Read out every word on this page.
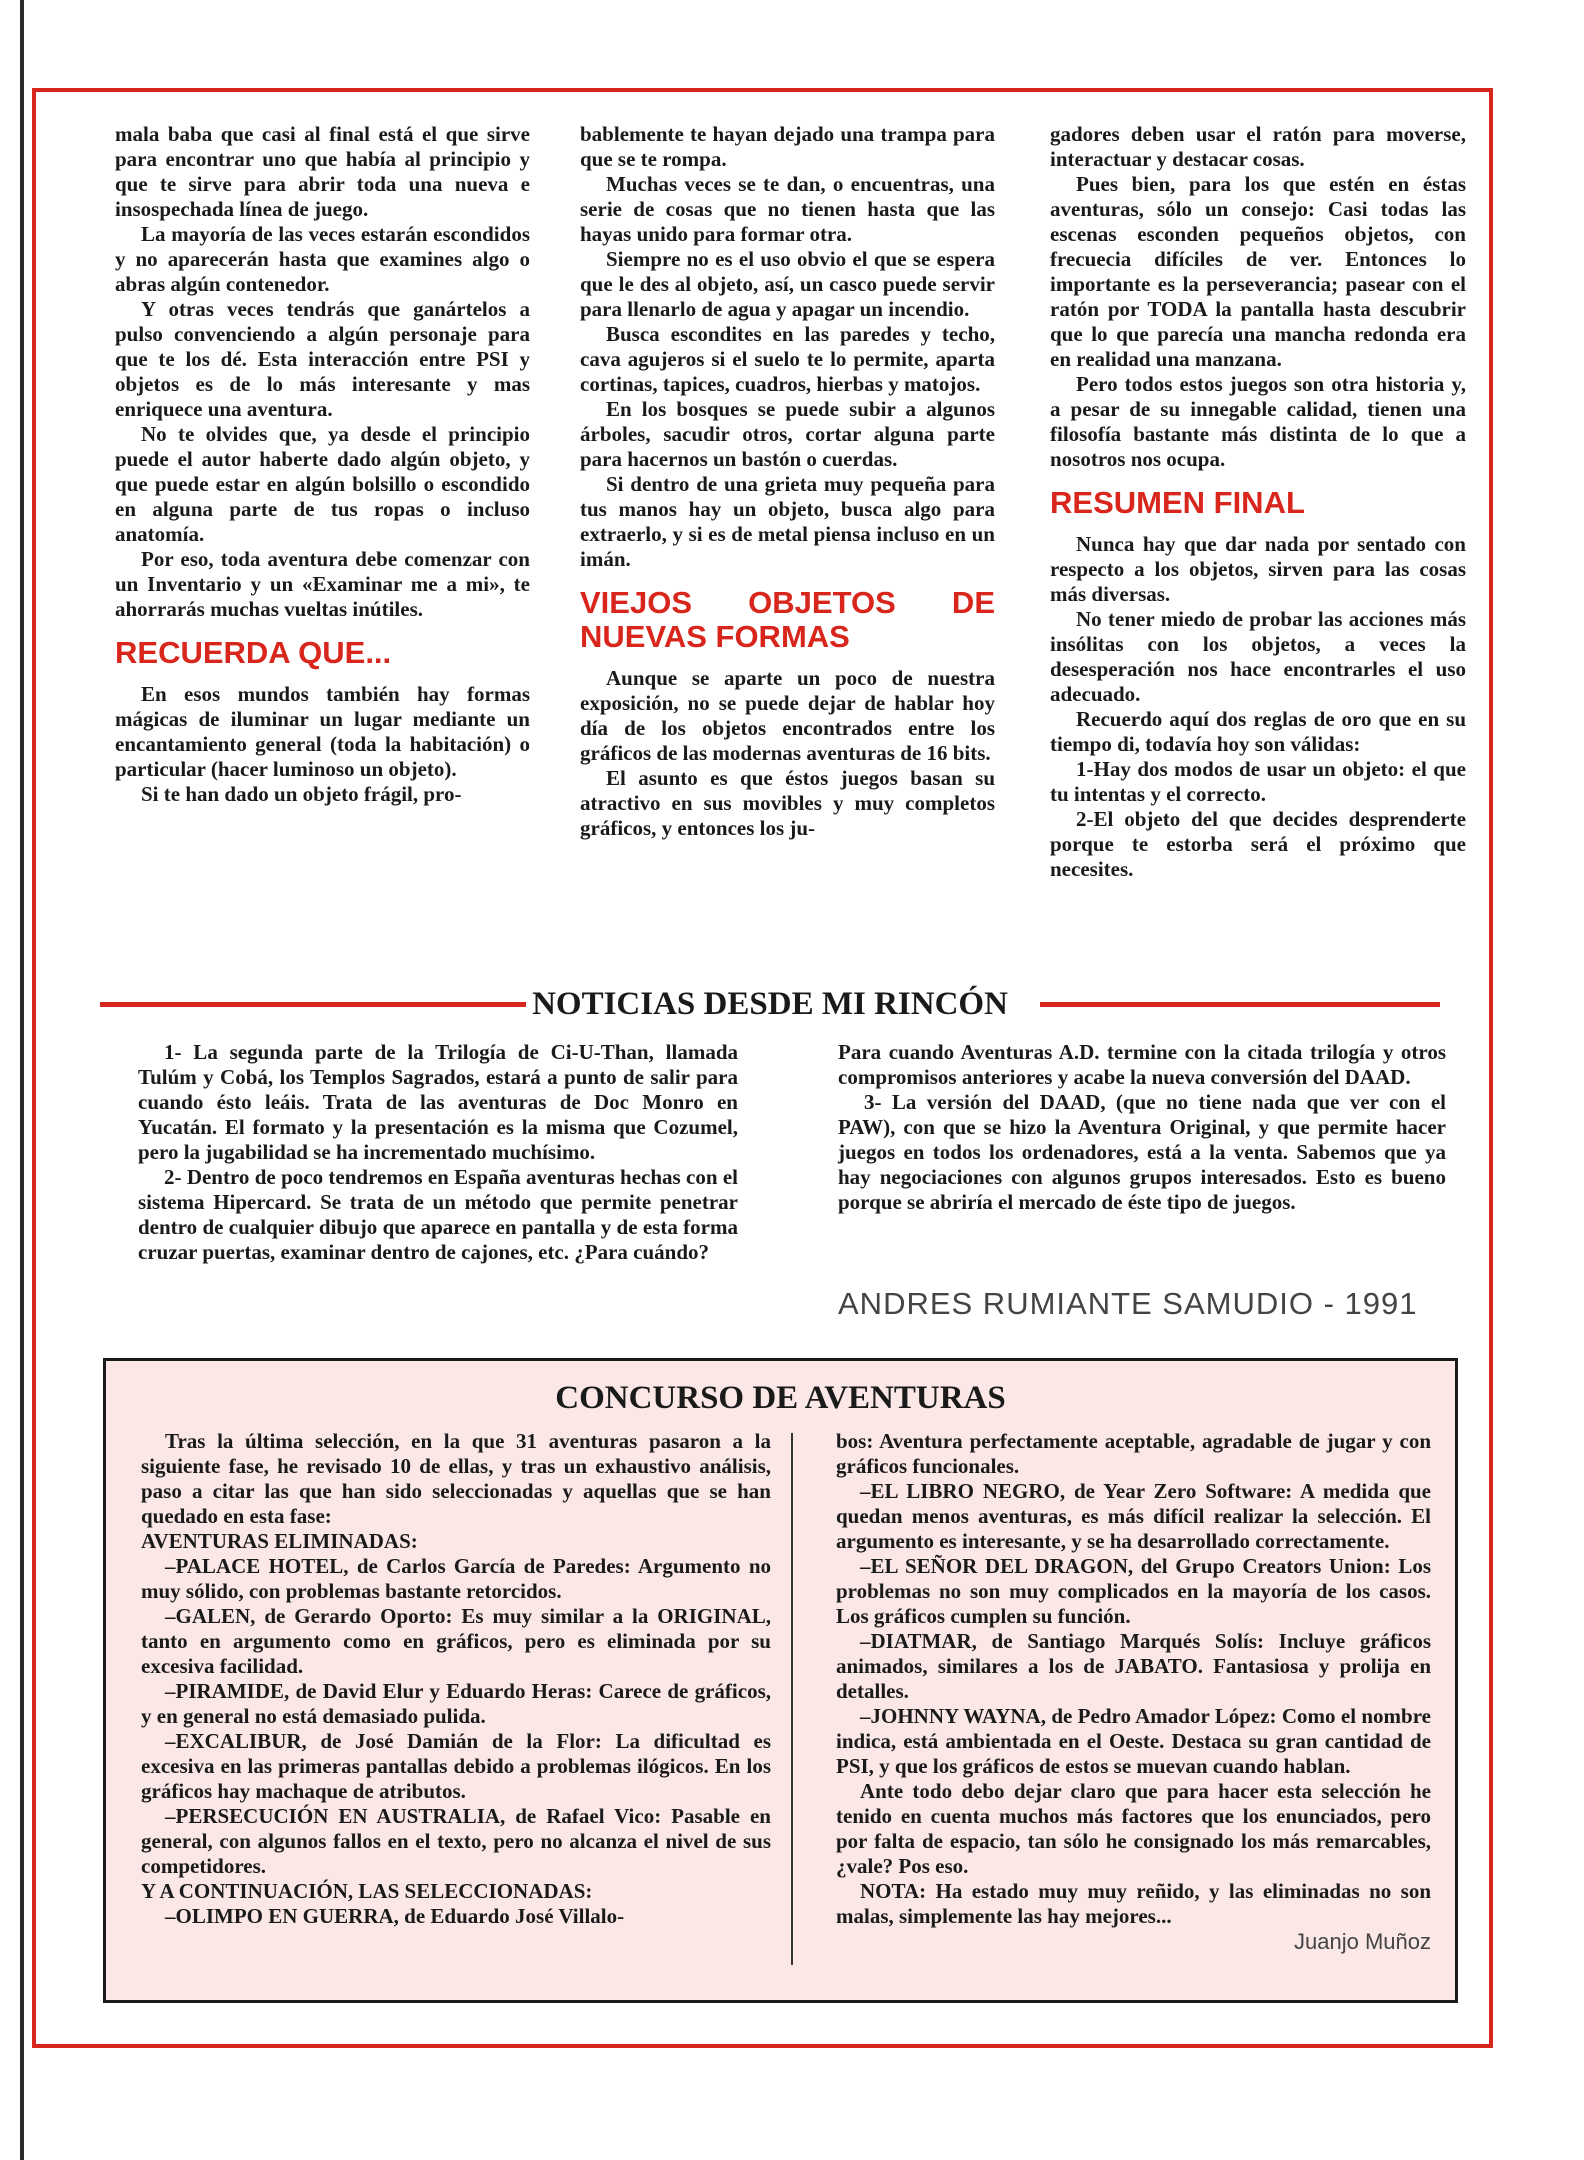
mala baba que casi al final está el que sirve para encontrar uno que había al principio y que te sirve para abrir toda una nueva e insospechada línea de juego.

La mayoría de las veces estarán escondidos y no aparecerán hasta que examines algo o abras algún contenedor.

Y otras veces tendrás que ganártelos a pulso convenciendo a algún personaje para que te los dé. Esta interacción entre PSI y objetos es de lo más interesante y mas enriquece una aventura.

No te olvides que, ya desde el principio puede el autor haberte dado algún objeto, y que puede estar en algún bolsillo o escondido en alguna parte de tus ropas o incluso anatomía.

Por eso, toda aventura debe comenzar con un Inventario y un «Examinar me a mi», te ahorrarás muchas vueltas inútiles.

RECUERDA QUE...

En esos mundos también hay formas mágicas de iluminar un lugar mediante un encantamiento general (toda la habitación) o particular (hacer luminoso un objeto).

Si te han dado un objeto frágil, pro-

bablemente te hayan dejado una trampa para que se te rompa.

Muchas veces se te dan, o encuentras, una serie de cosas que no tienen hasta que las hayas unido para formar otra.

Siempre no es el uso obvio el que se espera que le des al objeto, así, un casco puede servir para llenarlo de agua y apagar un incendio.

Busca escondites en las paredes y techo, cava agujeros si el suelo te lo permite, aparta cortinas, tapices, cuadros, hierbas y matojos.

En los bosques se puede subir a algunos árboles, sacudir otros, cortar alguna parte para hacernos un bastón o cuerdas.

Si dentro de una grieta muy pequeña para tus manos hay un objeto, busca algo para extraerlo, y si es de metal piensa incluso en un imán.

VIEJOS OBJETOS DE NUEVAS FORMAS

Aunque se aparte un poco de nuestra exposición, no se puede dejar de hablar hoy día de los objetos encontrados entre los gráficos de las modernas aventuras de 16 bits.

El asunto es que éstos juegos basan su atractivo en sus movibles y muy completos gráficos, y entonces los ju-

gadores deben usar el ratón para moverse, interactuar y destacar cosas.

Pues bien, para los que estén en éstas aventuras, sólo un consejo: Casi todas las escenas esconden pequeños objetos, con frecuecia difíciles de ver. Entonces lo importante es la perseverancia; pasear con el ratón por TODA la pantalla hasta descubrir que lo que parecía una mancha redonda era en realidad una manzana.

Pero todos estos juegos son otra historia y, a pesar de su innegable calidad, tienen una filosofía bastante más distinta de lo que a nosotros nos ocupa.

RESUMEN FINAL

Nunca hay que dar nada por sentado con respecto a los objetos, sirven para las cosas más diversas.

No tener miedo de probar las acciones más insólitas con los objetos, a veces la desesperación nos hace encontrarles el uso adecuado.

Recuerdo aquí dos reglas de oro que en su tiempo di, todavía hoy son válidas:

1-Hay dos modos de usar un objeto: el que tu intentas y el correcto.

2-El objeto del que decides desprenderte porque te estorba será el próximo que necesites.

NOTICIAS DESDE MI RINCÓN

1- La segunda parte de la Trilogía de Ci-U-Than, llamada Tulúm y Cobá, los Templos Sagrados, estará a punto de salir para cuando ésto leáis. Trata de las aventuras de Doc Monro en Yucatán. El formato y la presentación es la misma que Cozumel, pero la jugabilidad se ha incrementado muchísimo.

2- Dentro de poco tendremos en España aventuras hechas con el sistema Hipercard. Se trata de un método que permite penetrar dentro de cualquier dibujo que aparece en pantalla y de esta forma cruzar puertas, examinar dentro de cajones, etc. ¿Para cuándo?

Para cuando Aventuras A.D. termine con la citada trilogía y otros compromisos anteriores y acabe la nueva conversión del DAAD.

3- La versión del DAAD, (que no tiene nada que ver con el PAW), con que se hizo la Aventura Original, y que permite hacer juegos en todos los ordenadores, está a la venta. Sabemos que ya hay negociaciones con algunos grupos interesados. Esto es bueno porque se abriría el mercado de éste tipo de juegos.

ANDRES RUMIANTE SAMUDIO - 1991
CONCURSO DE AVENTURAS

Tras la última selección, en la que 31 aventuras pasaron a la siguiente fase, he revisado 10 de ellas, y tras un exhaustivo análisis, paso a citar las que han sido seleccionadas y aquellas que se han quedado en esta fase:

AVENTURAS ELIMINADAS:

–PALACE HOTEL, de Carlos García de Paredes: Argumento no muy sólido, con problemas bastante retorcidos.

–GALEN, de Gerardo Oporto: Es muy similar a la ORIGINAL, tanto en argumento como en gráficos, pero es eliminada por su excesiva facilidad.

–PIRAMIDE, de David Elur y Eduardo Heras: Carece de gráficos, y en general no está demasiado pulida.

–EXCALIBUR, de José Damián de la Flor: La dificultad es excesiva en las primeras pantallas debido a problemas ilógicos. En los gráficos hay machaque de atributos.

–PERSECUCIÓN EN AUSTRALIA, de Rafael Vico: Pasable en general, con algunos fallos en el texto, pero no alcanza el nivel de sus competidores.

Y A CONTINUACIÓN, LAS SELECCIONADAS:

–OLIMPO EN GUERRA, de Eduardo José Villalo-

bos: Aventura perfectamente aceptable, agradable de jugar y con gráficos funcionales.

–EL LIBRO NEGRO, de Year Zero Software: A medida que quedan menos aventuras, es más difícil realizar la selección. El argumento es interesante, y se ha desarrollado correctamente.

–EL SEÑOR DEL DRAGON, del Grupo Creators Union: Los problemas no son muy complicados en la mayoría de los casos. Los gráficos cumplen su función.

–DIATMAR, de Santiago Marqués Solís: Incluye gráficos animados, similares a los de JABATO. Fantasiosa y prolija en detalles.

–JOHNNY WAYNA, de Pedro Amador López: Como el nombre indica, está ambientada en el Oeste. Destaca su gran cantidad de PSI, y que los gráficos de estos se muevan cuando hablan.

Ante todo debo dejar claro que para hacer esta selección he tenido en cuenta muchos más factores que los enunciados, pero por falta de espacio, tan sólo he consignado los más remarcables, ¿vale? Pos eso.

NOTA: Ha estado muy muy reñido, y las eliminadas no son malas, simplemente las hay mejores...

Juanjo Muñoz
